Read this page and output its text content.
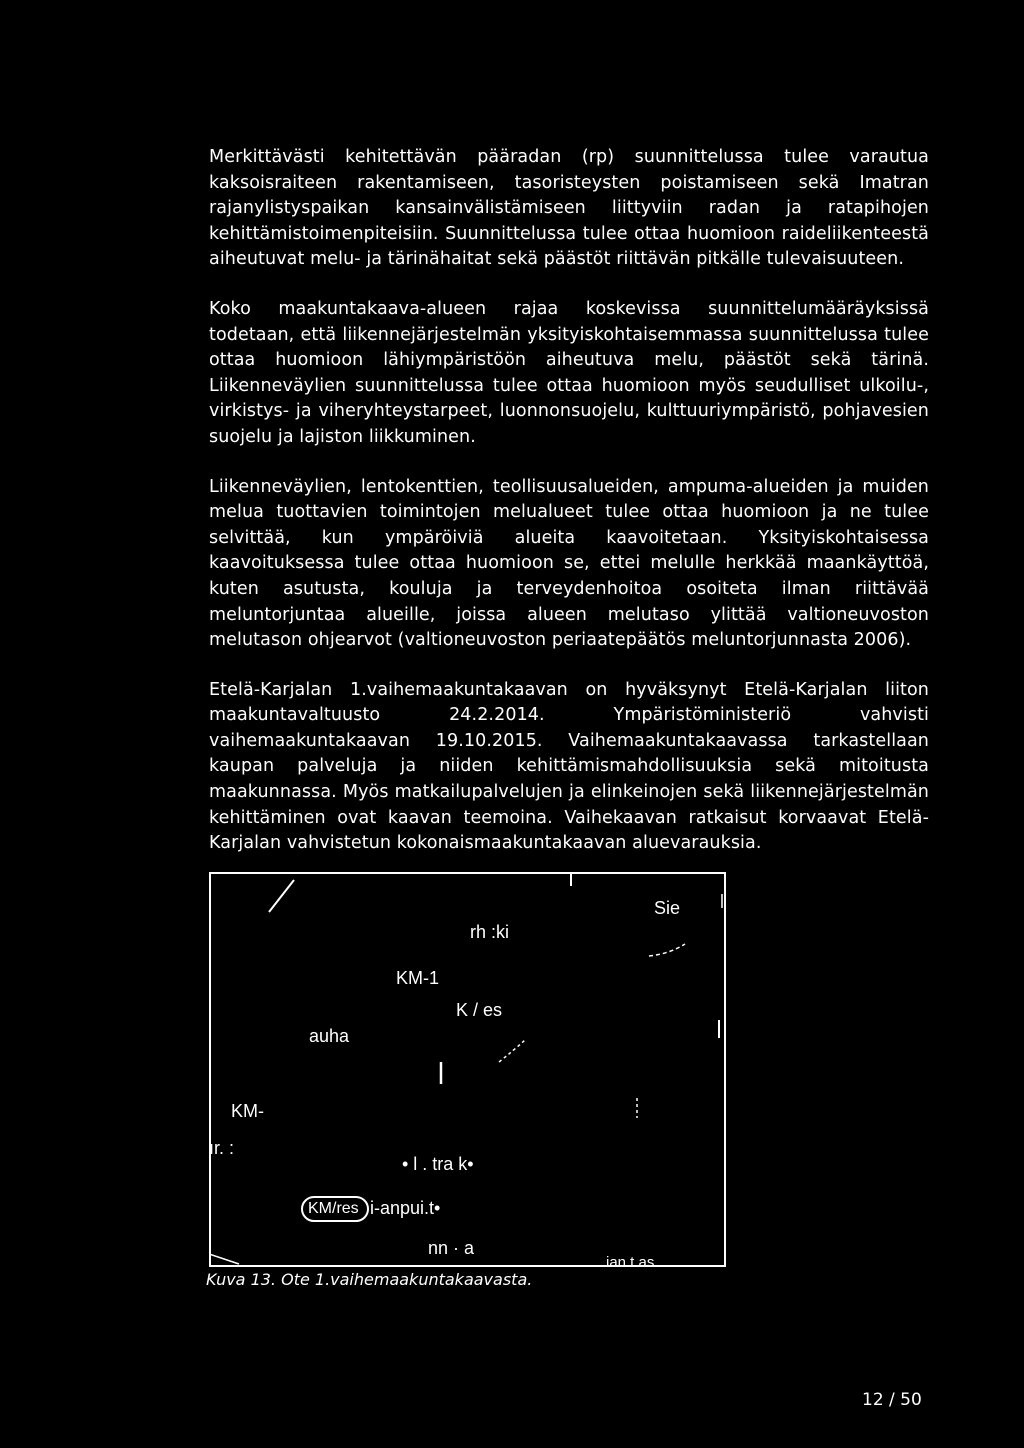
Merkittävästi kehitettävän pääradan (rp) suunnittelussa tulee varautua kaksoisraiteen rakentamiseen, tasoristeysten poistamiseen sekä Imatran rajanylistyspaikan kansainvälistämiseen liittyviin radan ja ratapihojen kehittämistoimenpiteisiin. Suunnittelussa tulee ottaa huomioon raideliikenteestä aiheutuvat melu- ja tärinähaitat sekä päästöt riittävän pitkälle tulevaisuuteen.

Koko maakuntakaava-alueen rajaa koskevissa suunnittelumääräyksissä todetaan, että liikennejärjestelmän yksityiskohtaisemmassa suunnittelussa tulee ottaa huomioon lähiympäristöön aiheutuva melu, päästöt sekä tärinä. Liikenneväylien suunnittelussa tulee ottaa huomioon myös seudulliset ulkoilu-, virkistys- ja viheryhteystarpeet, luonnonsuojelu, kulttuuriympäristö, pohjavesien suojelu ja lajiston liikkuminen.

Liikenneväylien, lentokenttien, teollisuusalueiden, ampuma-alueiden ja muiden melua tuottavien toimintojen melualueet tulee ottaa huomioon ja ne tulee selvittää, kun ympäröiviä alueita kaavoitetaan. Yksityiskohtaisessa kaavoituksessa tulee ottaa huomioon se, ettei melulle herkkää maankäyttöä, kuten asutusta, kouluja ja terveydenhoitoa osoiteta ilman riittävää meluntorjuntaa alueille, joissa alueen melutaso ylittää valtioneuvoston melutason ohjearvot (valtioneuvoston periaatepäätös meluntorjunnasta 2006).

Etelä-Karjalan 1.vaihemaakuntakaavan on hyväksynyt Etelä-Karjalan liiton maakuntavaltuusto 24.2.2014. Ympäristöministeriö vahvisti vaihemaakuntakaavan 19.10.2015. Vaihemaakuntakaavassa tarkastellaan kaupan palveluja ja niiden kehittämismahdollisuuksia sekä mitoitusta maakunnassa. Myös matkailupalvelujen ja elinkeinojen sekä liikennejärjestelmän kehittäminen ovat kaavan teemoina. Vaihekaavan ratkaisut korvaavat Etelä-Karjalan vahvistetun kokonaismaakuntakaavan aluevarauksia.

Sie
rh :ki
KM-1
K / es
auha
KM-
ır. :
• l . tra k•
KM/res i-anpui.t•
nn · a
ian t as
Kuva 13. Ote 1.vaihemaakuntakaavasta.
12 / 50
